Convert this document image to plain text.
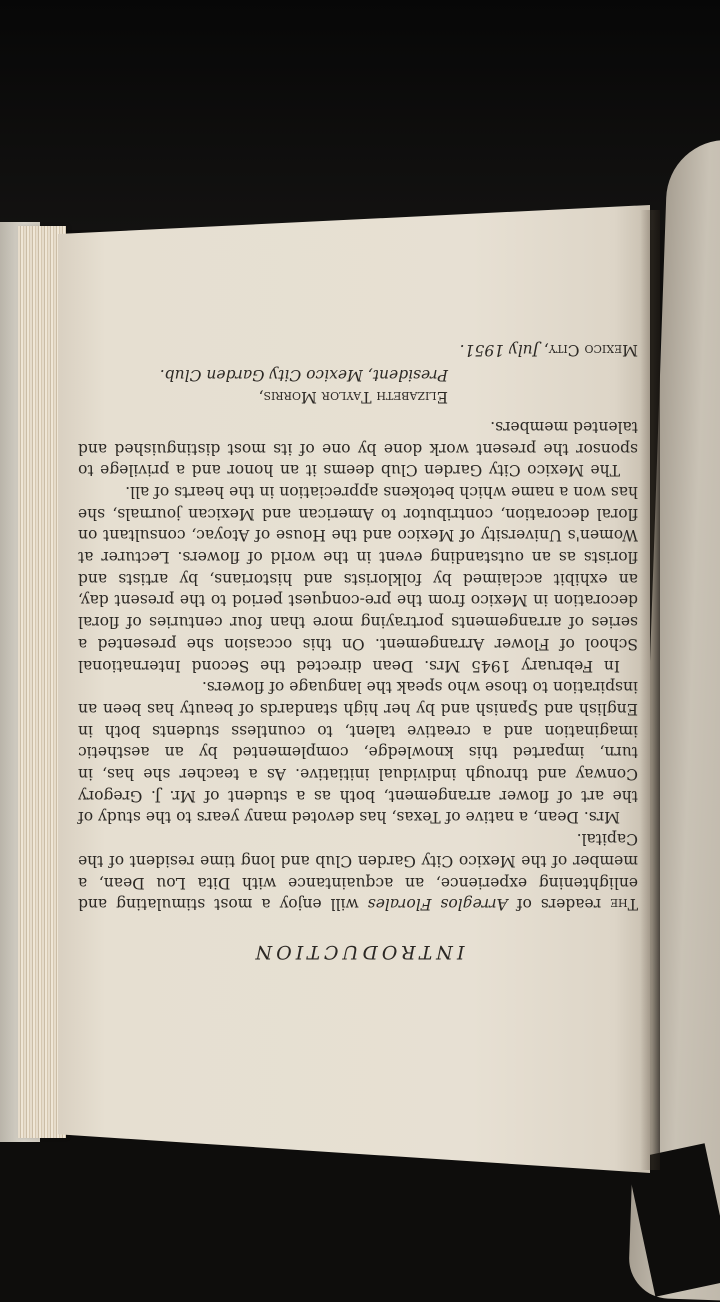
INTRODUCTION

The readers of Arreglos Florales will enjoy a most stimulating and enlightening experience, an acquaintance with Dita Lou Dean, a member of the Mexico City Garden Club and long time resident of the Capital.

Mrs. Dean, a native of Texas, has devoted many years to the study of the art of flower arrangement, both as a student of Mr. J. Gregory Conway and through individual initiative. As a teacher she has, in turn, imparted this knowledge, complemented by an aesthetic imagination and a creative talent, to countless students both in English and Spanish and by her high standards of beauty has been an inspiration to those who speak the language of flowers.

In February 1945 Mrs. Dean directed the Second International School of Flower Arrangement. On this occasion she presented a series of arrangements portraying more than four centuries of floral decoration in Mexico from the pre-conquest period to the present day, an exhibit acclaimed by folklorists and historians, by artists and florists as an outstanding event in the world of flowers. Lecturer at Women's University of Mexico and the House of Atoyac, consultant on floral decoration, contributor to American and Mexican journals, she has won a name which betokens appreciation in the hearts of all.

The Mexico City Garden Club deems it an honor and a privilege to sponsor the present work done by one of its most distinguished and talented members.

Elizabeth Taylor Morris,
President, Mexico City Garden Club.
Mexico City, July 1951.
